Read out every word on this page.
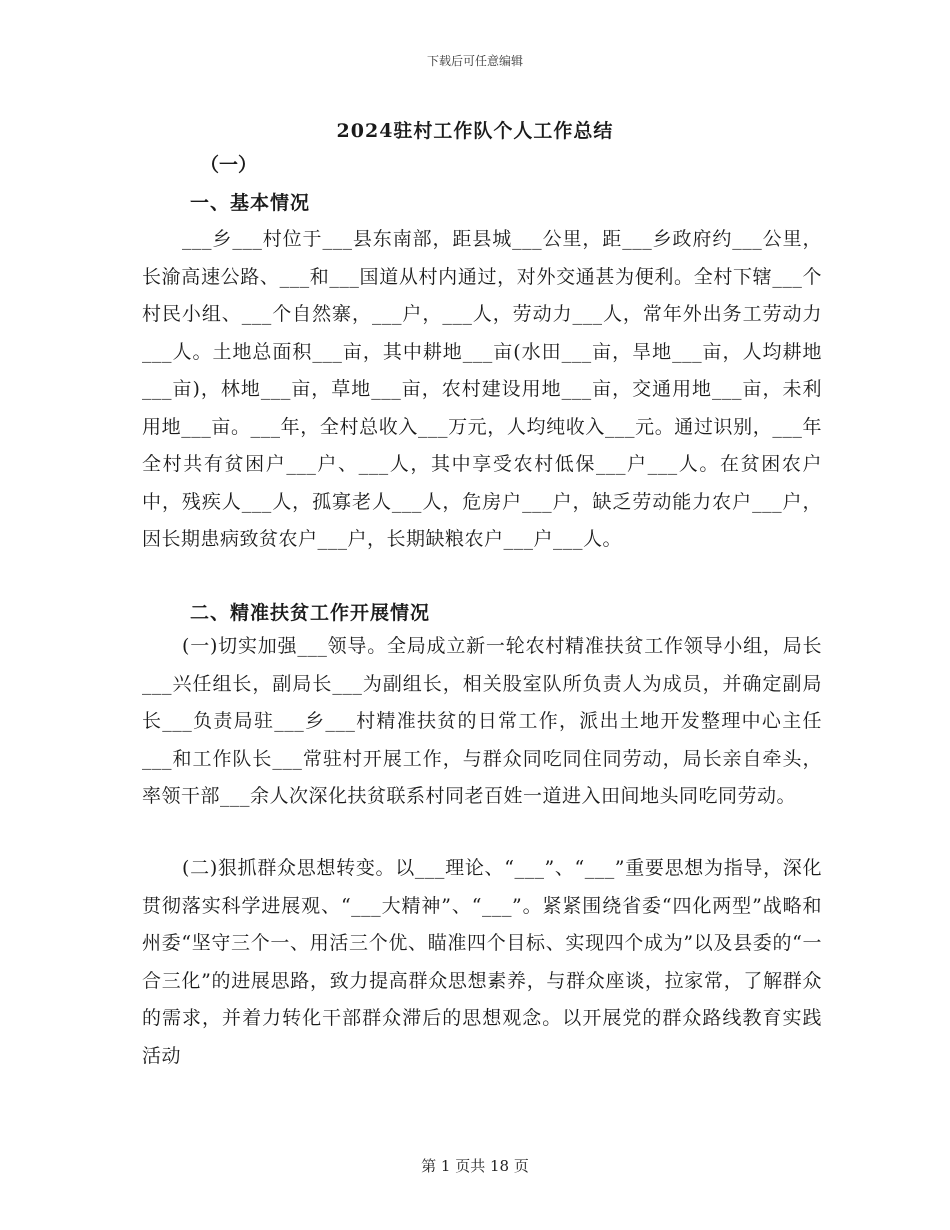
下载后可任意编辑
2024驻村工作队个人工作总结
（一）
一、基本情况

___乡___村位于___县东南部，距县城___公里，距___乡政府约___公里，长渝高速公路、___和___国道从村内通过，对外交通甚为便利。全村下辖___个村民小组、___个自然寨，___户，___人，劳动力___人，常年外出务工劳动力___人。土地总面积___亩，其中耕地___亩(水田___亩，旱地___亩，人均耕地___亩)，林地___亩，草地___亩，农村建设用地___亩，交通用地___亩，未利用地___亩。___年，全村总收入___万元，人均纯收入___元。通过识别，___年全村共有贫困户___户、___人，其中享受农村低保___户___人。在贫困农户中，残疾人___人，孤寡老人___人，危房户___户，缺乏劳动能力农户___户，因长期患病致贫农户___户，长期缺粮农户___户___人。

二、精准扶贫工作开展情况

(一)切实加强___领导。全局成立新一轮农村精准扶贫工作领导小组，局长___兴任组长，副局长___为副组长，相关股室队所负责人为成员，并确定副局长___负责局驻___乡___村精准扶贫的日常工作，派出土地开发整理中心主任___和工作队长___常驻村开展工作，与群众同吃同住同劳动，局长亲自牵头，率领干部___余人次深化扶贫联系村同老百姓一道进入田间地头同吃同劳动。

(二)狠抓群众思想转变。以___理论、“___”、“___”重要思想为指导，深化贯彻落实科学进展观、“___大精神”、“___”。紧紧围绕省委“四化两型”战略和州委“坚守三个一、用活三个优、瞄准四个目标、实现四个成为”以及县委的“一合三化”的进展思路，致力提高群众思想素养，与群众座谈，拉家常，了解群众的需求，并着力转化干部群众滞后的思想观念。以开展党的群众路线教育实践活动

第 1 页共 18 页
